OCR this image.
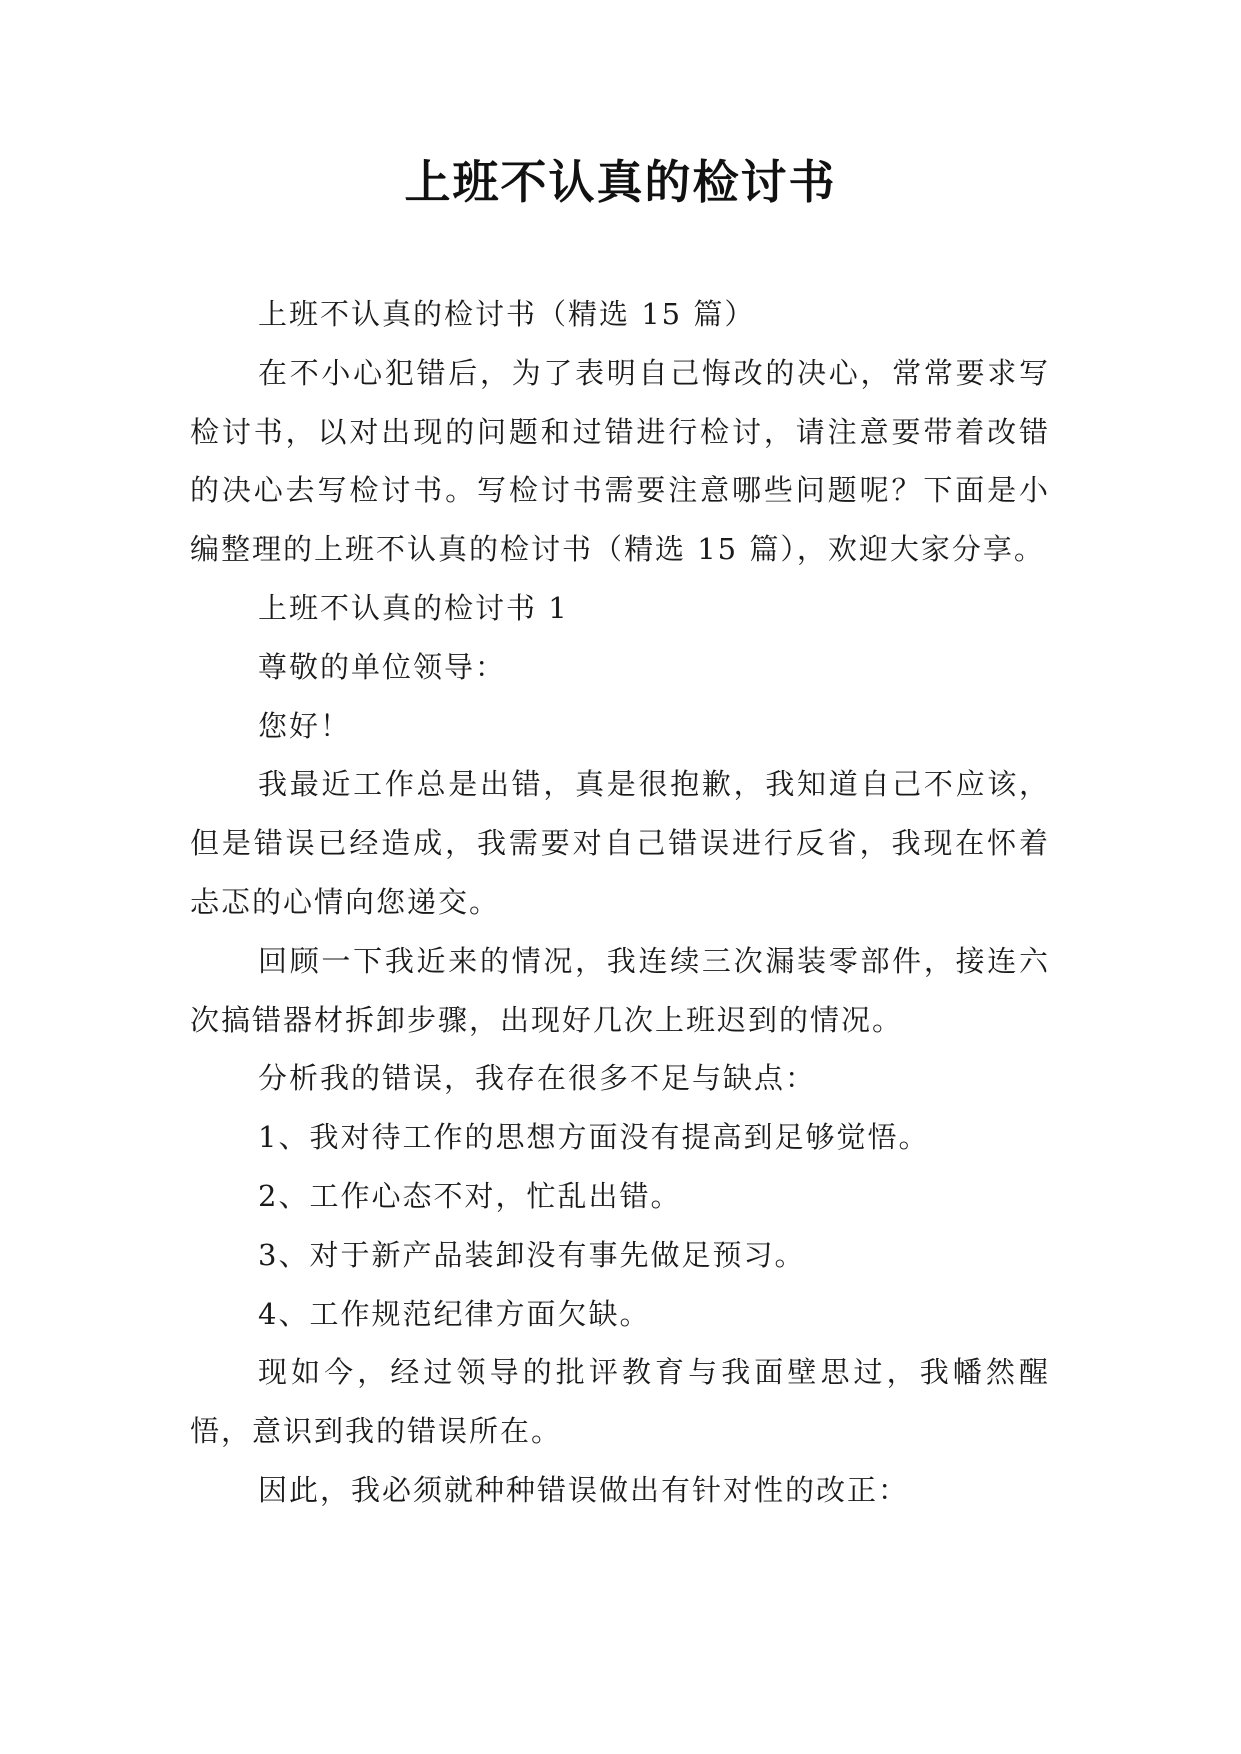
上班不认真的检讨书

上班不认真的检讨书（精选 15 篇）

在不小心犯错后，为了表明自己悔改的决心，常常要求写检讨书，以对出现的问题和过错进行检讨，请注意要带着改错的决心去写检讨书。写检讨书需要注意哪些问题呢？下面是小编整理的上班不认真的检讨书（精选 15 篇），欢迎大家分享。

上班不认真的检讨书 1

尊敬的单位领导：

您好！

我最近工作总是出错，真是很抱歉，我知道自己不应该，但是错误已经造成，我需要对自己错误进行反省，我现在怀着忐忑的心情向您递交。

回顾一下我近来的情况，我连续三次漏装零部件，接连六次搞错器材拆卸步骤，出现好几次上班迟到的情况。

分析我的错误，我存在很多不足与缺点：

1、我对待工作的思想方面没有提高到足够觉悟。

2、工作心态不对，忙乱出错。

3、对于新产品装卸没有事先做足预习。

4、工作规范纪律方面欠缺。

现如今，经过领导的批评教育与我面壁思过，我幡然醒悟，意识到我的错误所在。

因此，我必须就种种错误做出有针对性的改正：
